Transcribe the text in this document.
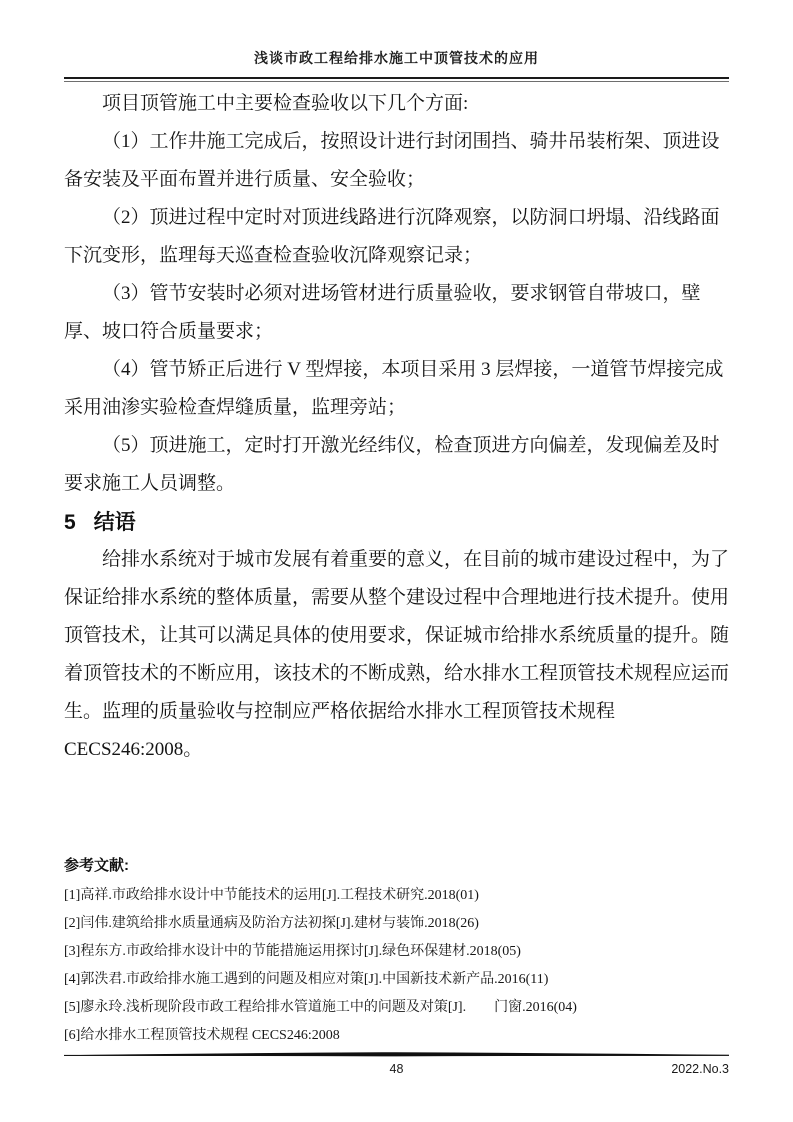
浅谈市政工程给排水施工中顶管技术的应用

项目顶管施工中主要检查验收以下几个方面:

（1）工作井施工完成后，按照设计进行封闭围挡、骑井吊装桁架、顶进设备安装及平面布置并进行质量、安全验收；

（2）顶进过程中定时对顶进线路进行沉降观察，以防洞口坍塌、沿线路面下沉变形，监理每天巡查检查验收沉降观察记录；

（3）管节安装时必须对进场管材进行质量验收，要求钢管自带坡口，壁厚、坡口符合质量要求；

（4）管节矫正后进行 V 型焊接，本项目采用 3 层焊接，一道管节焊接完成采用油渗实验检查焊缝质量，监理旁站；

（5）顶进施工，定时打开激光经纬仪，检查顶进方向偏差，发现偏差及时要求施工人员调整。

5 结语

给排水系统对于城市发展有着重要的意义，在目前的城市建设过程中，为了保证给排水系统的整体质量，需要从整个建设过程中合理地进行技术提升。使用顶管技术，让其可以满足具体的使用要求，保证城市给排水系统质量的提升。随着顶管技术的不断应用，该技术的不断成熟，给水排水工程顶管技术规程应运而生。监理的质量验收与控制应严格依据给水排水工程顶管技术规程 CECS246:2008。

参考文献:
[1]高祥.市政给排水设计中节能技术的运用[J].工程技术研究.2018(01)
[2]闫伟.建筑给排水质量通病及防治方法初探[J].建材与装饰.2018(26)
[3]程东方.市政给排水设计中的节能措施运用探讨[J].绿色环保建材.2018(05)
[4]郭泆君.市政给排水施工遇到的问题及相应对策[J].中国新技术新产品.2016(11)
[5]廖永玲.浅析现阶段市政工程给排水管道施工中的问题及对策[J].　　门窗.2016(04)
[6]给水排水工程顶管技术规程 CECS246:2008
48	2022.No.3
